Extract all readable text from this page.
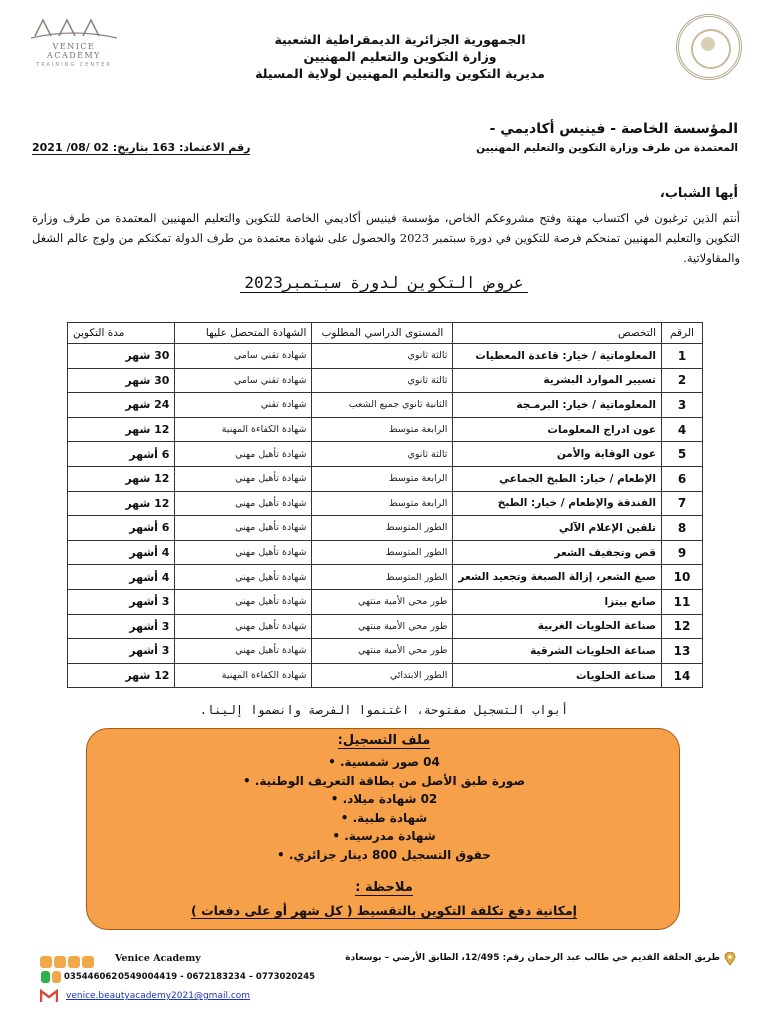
VENICE ACADEMY
TRAINING CENTER
الجمهورية الجزائرية الديمقراطية الشعبية
وزارة التكوين والتعليم المهنيين
مديرية التكوين والتعليم المهنيين لولاية المسيلة
المؤسسة الخاصة - فينيس أكاديمي -
المعتمدة من طرف وزارة التكوين والتعليم المهنيين
رقم الاعتماد: 163 بتاريخ: 02 /08/ 2021
أيها الشباب،
أنتم الذين ترغبون في اكتساب مهنة وفتح مشروعكم الخاص، مؤسسة فينيس أكاديمي الخاصة للتكوين والتعليم المهنيين المعتمدة من طرف وزارة التكوين والتعليم المهنيين تمنحكم فرصة للتكوين في دورة سبتمبر 2023 والحصول على شهادة معتمدة من طرف الدولة تمكنكم من ولوج عالم الشغل والمقاولاتية.
عروض التكوين لدورة سبتمبر2023
الرقم	التخصص	المستوى الدراسي المطلوب	الشهادة المتحصل عليها	مدة التكوين
1	المعلوماتية / خيار: قاعدة المعطيات	ثالثة ثانوي	شهادة تقني سامي	30 شهر
2	تسيير الموارد البشرية	ثالثة ثانوي	شهادة تقني سامي	30 شهر
3	المعلوماتية / خيار: البرمـجة	الثانية ثانوي جميع الشعب	شهادة تقني	24 شهر
4	عون ادراج المعلومات	الرابعة متوسط	شهادة الكفاءة المهنية	12 شهر
5	عون الوقاية والأمن	ثالثة ثانوي	شهادة تأهيل مهني	6 أشهر
6	الإطعام / خيار: الطبخ الجماعي	الرابعة متوسط	شهادة تأهيل مهني	12 شهر
7	الفندقة والإطعام / خيار: الطبخ	الرابعة متوسط	شهادة تأهيل مهني	12 شهر
8	تلقين الإعلام الآلي	الطور المتوسط	شهادة تأهيل مهني	6 أشهر
9	قص وتجفيف الشعر	الطور المتوسط	شهادة تأهيل مهني	4 أشهر
10	صبغ الشعر، إزالة الصبغة وتجعيد الشعر	الطور المتوسط	شهادة تأهيل مهني	4 أشهر
11	صانع بيتزا	طور محي الأمية منتهي	شهادة تأهيل مهني	3 أشهر
12	صناعة الحلويات الغربية	طور محي الأمية منتهي	شهادة تأهيل مهني	3 أشهر
13	صناعة الحلويات الشرقية	طور محي الأمية منتهي	شهادة تأهيل مهني	3 أشهر
14	صناعة الحلويات	الطور الابتدائي	شهادة الكفاءة المهنية	12 شهر
أبواب التسجيل مفتوحة، اغتنموا الفرصة وانضموا إلينا.
ملف التسجيل:
04 صور شمسية. •
صورة طبق الأصل من بطاقة التعريف الوطنية. •
02 شهادة ميلاد. •
شهادة طبية. •
شهادة مدرسية. •
حقوق التسجيل 800 دينار جزائري. •
ملاحظة :
إمكانية دفع تكلفة التكوين بالتقسيط ( كل شهر أو على دفعات )
Venice Academy
035446062 0549004419 - 0672183234 – 0773020245
venice.beautyacademy2021@gmail.com
طريق الحلقة القديم حي طالب عبد الرحمان رقم: 12/495، الطابق الأرضي – بوسعادة
